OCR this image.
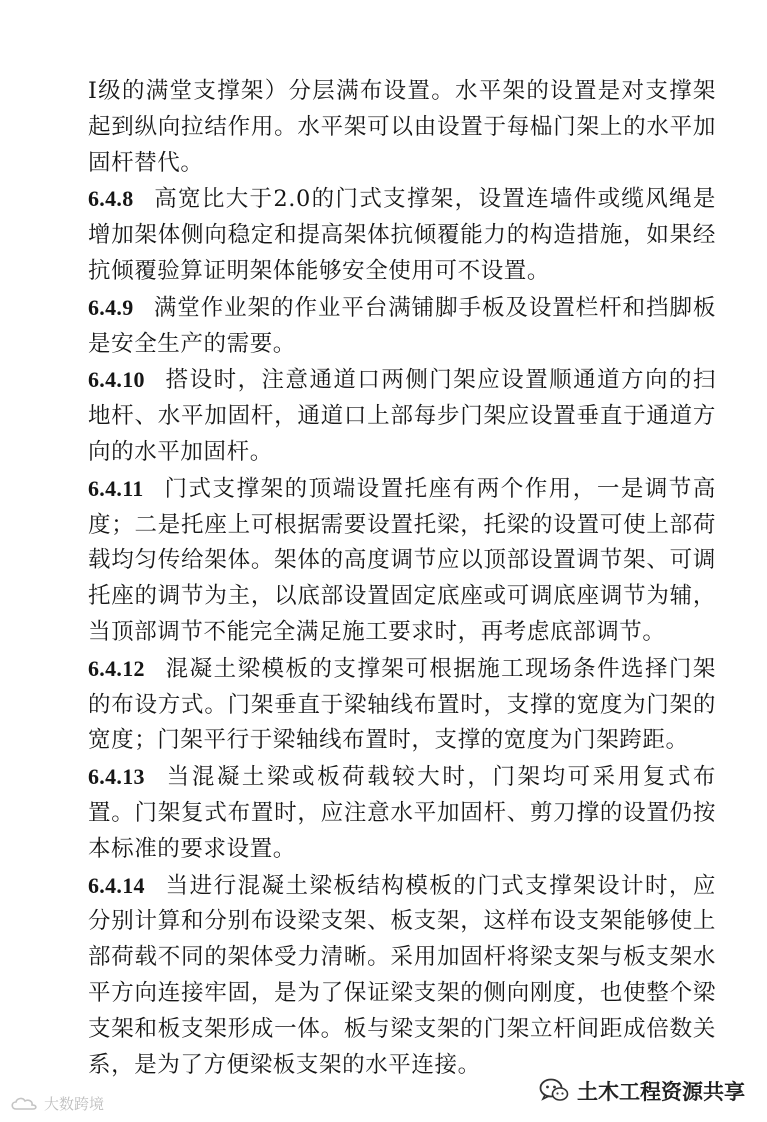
Ⅰ级的满堂支撑架）分层满布设置。水平架的设置是对支撑架起到纵向拉结作用。水平架可以由设置于每榀门架上的水平加固杆替代。

6.4.8 高宽比大于2.0的门式支撑架，设置连墙件或缆风绳是增加架体侧向稳定和提高架体抗倾覆能力的构造措施，如果经抗倾覆验算证明架体能够安全使用可不设置。

6.4.9 满堂作业架的作业平台满铺脚手板及设置栏杆和挡脚板是安全生产的需要。

6.4.10 搭设时，注意通道口两侧门架应设置顺通道方向的扫地杆、水平加固杆，通道口上部每步门架应设置垂直于通道方向的水平加固杆。

6.4.11 门式支撑架的顶端设置托座有两个作用，一是调节高度；二是托座上可根据需要设置托梁，托梁的设置可使上部荷载均匀传给架体。架体的高度调节应以顶部设置调节架、可调托座的调节为主，以底部设置固定底座或可调底座调节为辅，当顶部调节不能完全满足施工要求时，再考虑底部调节。

6.4.12 混凝土梁模板的支撑架可根据施工现场条件选择门架的布设方式。门架垂直于梁轴线布置时，支撑的宽度为门架的宽度；门架平行于梁轴线布置时，支撑的宽度为门架跨距。

6.4.13 当混凝土梁或板荷载较大时，门架均可采用复式布置。门架复式布置时，应注意水平加固杆、剪刀撑的设置仍按本标准的要求设置。

6.4.14 当进行混凝土梁板结构模板的门式支撑架设计时，应分别计算和分别布设梁支架、板支架，这样布设支架能够使上部荷载不同的架体受力清晰。采用加固杆将梁支架与板支架水平方向连接牢固，是为了保证梁支架的侧向刚度，也使整个梁支架和板支架形成一体。板与梁支架的门架立杆间距成倍数关系，是为了方便梁板支架的水平连接。

大数跨境	土木工程资源共享
